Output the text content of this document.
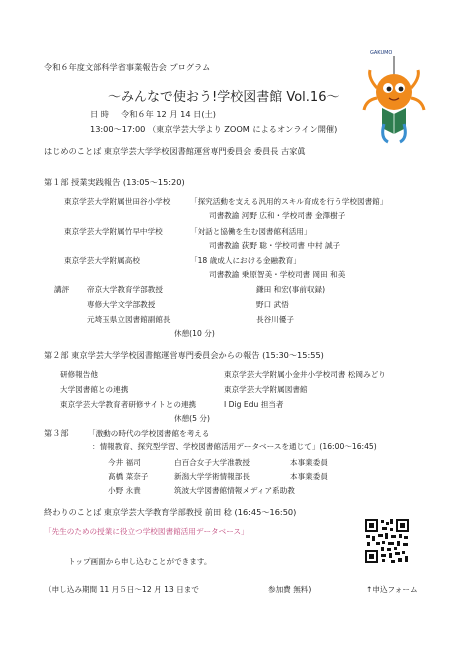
令和６年度文部科学省事業報告会 プログラム
～みんなで使おう!学校図書館 Vol.16～
日 時 令和６年 12 月 14 日(土)
13:00～17:00 （東京学芸大学より ZOOM によるオンライン開催)
はじめのことば 東京学芸大学学校図書館運営専門委員会 委員長 古家眞
GAKUMO
第１部 授業実践報告 (13:05～15:20)
東京学芸大学附属世田谷小学校	「探究活動を支える汎用的スキル育成を行う学校図書館」
司書教諭 河野 広和・学校司書 金澤樹子
東京学芸大学附属竹早中学校	「対話と協働を生む図書館利活用」
司書教諭 荻野 聡・学校司書 中村 誠子
東京学芸大学附属高校	「18 歳成人における金融教育」
司書教諭 乗原智美・学校司書 岡田 和美
講評 帝京大学教育学部教授	鎌田 和宏(事前収録)
専修大学文学部教授	野口 武悟
元埼玉県立図書館副館長	長谷川優子
休憩(10 分)
第２部 東京学芸大学学校図書館運営専門委員会からの報告 (15:30～15:55)
研修報告他	東京学芸大学附属小金井小学校司書 松岡みどり
大学図書館との連携	東京学芸大学附属図書館
東京学芸大学教育者研修サイトとの連携	I Dig Edu 担当者
休憩(5 分)
第３部	「激動の時代の学校図書館を考える
：情報教育、探究型学習、学校図書館活用データベースを通じて」(16:00～16:45)
今井 福司	白百合女子大学准教授	本事業委員
髙橋 菜奈子	新潟大学学術情報部長	本事業委員
小野 永貴	筑波大学図書館情報メディア系助教
終わりのことば 東京学芸大学教育学部教授 前田 稔 (16:45～16:50)
「先生のための授業に役立つ学校図書館活用データベース」
トップ画面から申し込むことができます。
（申し込み期間 11 月５日～12 月 13 日まで	参加費 無料)	↑申込フォーム
